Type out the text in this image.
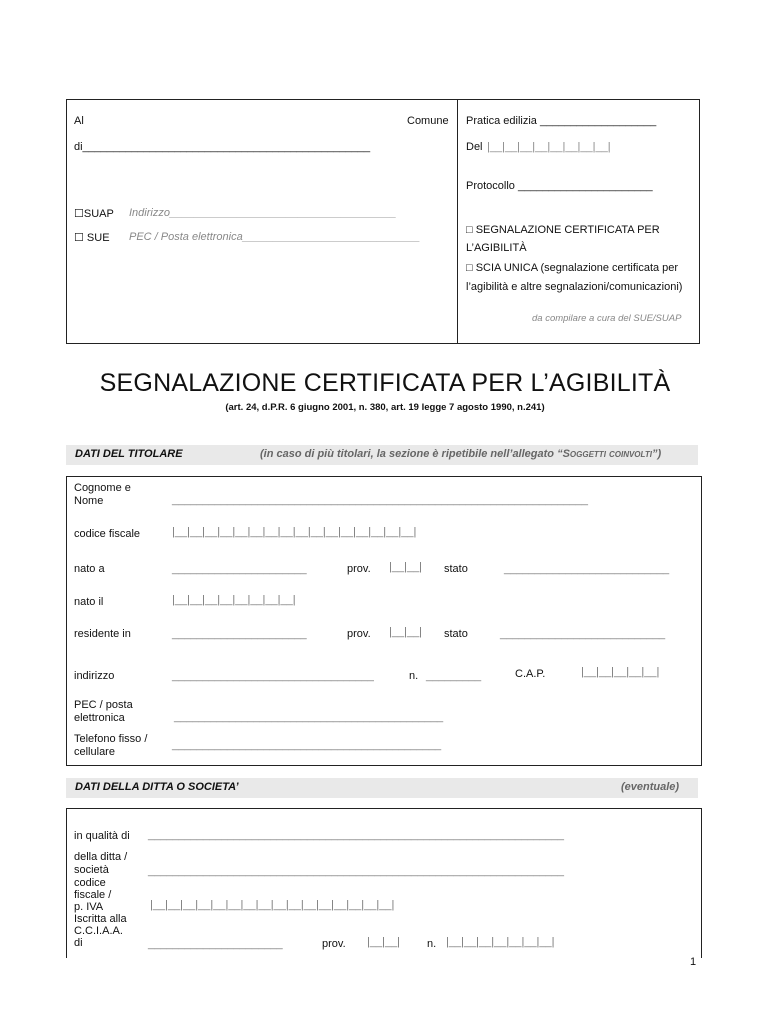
Al	Comune
di_______________________________________________
☐SUAP Indirizzo_____________________________________
☐ SUE PEC / Posta elettronica_____________________________
Pratica edilizia ___________________
Del |__|__|__|__|__|__|__|__|
Protocollo ______________________
□ SEGNALAZIONE CERTIFICATA PER
L’AGIBILITÀ
□ SCIA UNICA (segnalazione certificata per
l’agibilità e altre segnalazioni/comunicazioni)
da compilare a cura del SUE/SUAP
SEGNALAZIONE CERTIFICATA PER L’AGIBILITÀ
(art. 24, d.P.R. 6 giugno 2001, n. 380, art. 19 legge 7 agosto 1990, n.241)
DATI DEL TITOLARE	(in caso di più titolari, la sezione è ripetibile nell’allegato “Soggetti coinvolti”)
Cognome e
Nome	____________________________________________________________________
codice fiscale	|__|__|__|__|__|__|__|__|__|__|__|__|__|__|__|__|
nato a	______________________	prov. |__|__| stato	___________________________
nato il	|__|__|__|__|__|__|__|__|
residente in	______________________	prov. |__|__| stato	___________________________
indirizzo	_________________________________	n. _________	C.A.P.	|__|__|__|__|__|
PEC / posta
elettronica	____________________________________________
Telefono fisso /
cellulare
____________________________________________
DATI DELLA DITTA O SOCIETA’	(eventuale)
in qualità di ____________________________________________________________________
della ditta /
società	____________________________________________________________________
codice
fiscale /
p. IVA	|__|__|__|__|__|__|__|__|__|__|__|__|__|__|__|__|
Iscritta alla
C.C.I.A.A.
di	______________________	prov. |__|__| n. |__|__|__|__|__|__|__|
1
